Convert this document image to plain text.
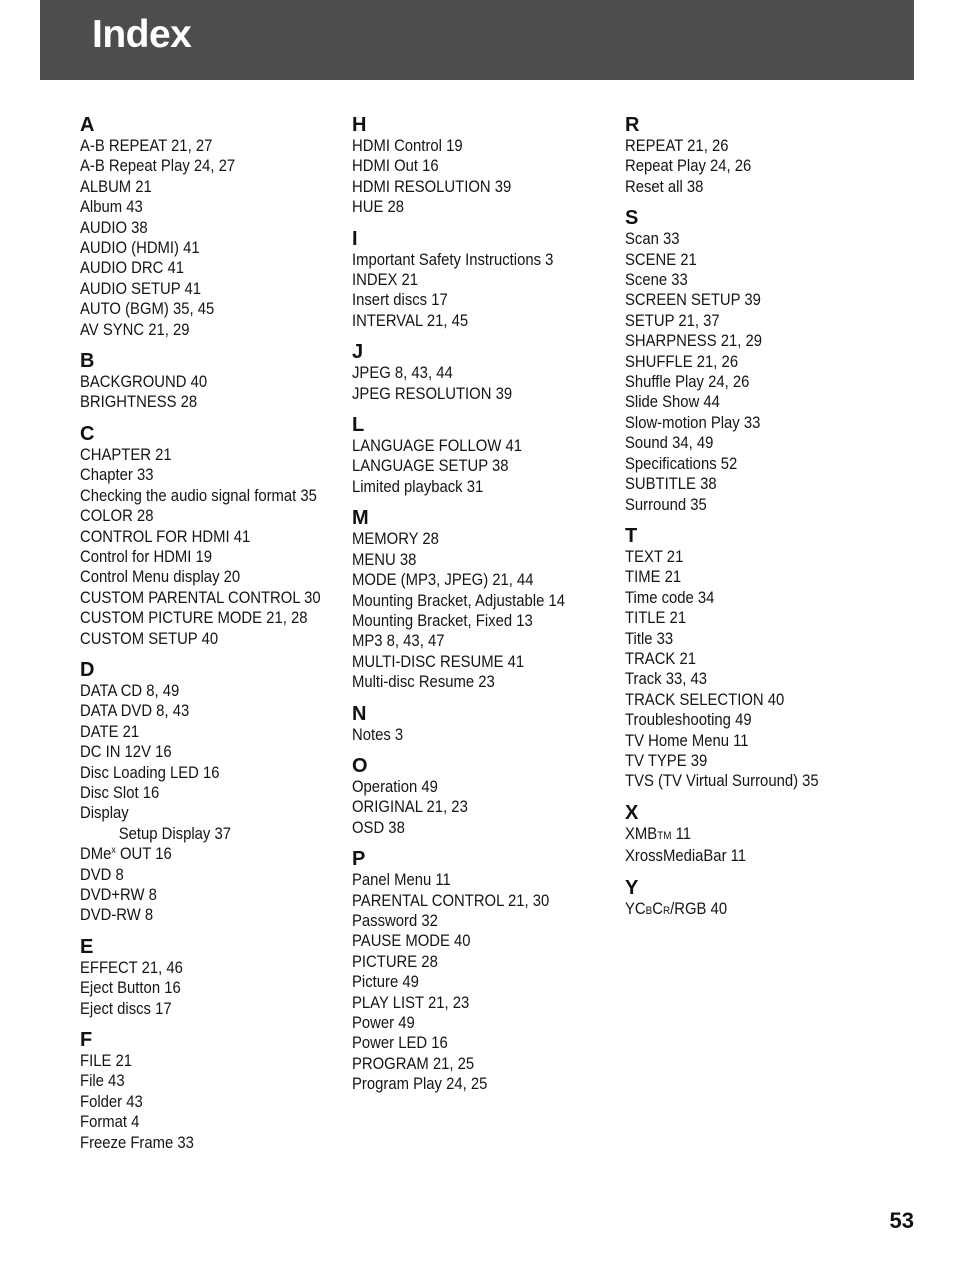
Index
A
A-B REPEAT 21, 27
A-B Repeat Play 24, 27
ALBUM 21
Album 43
AUDIO 38
AUDIO (HDMI) 41
AUDIO DRC 41
AUDIO SETUP 41
AUTO (BGM) 35, 45
AV SYNC 21, 29
B
BACKGROUND 40
BRIGHTNESS 28
C
CHAPTER 21
Chapter 33
Checking the audio signal format 35
COLOR 28
CONTROL FOR HDMI 41
Control for HDMI 19
Control Menu display 20
CUSTOM PARENTAL CONTROL 30
CUSTOM PICTURE MODE 21, 28
CUSTOM SETUP 40
D
DATA CD 8, 49
DATA DVD 8, 43
DATE 21
DC IN 12V 16
Disc Loading LED 16
Disc Slot 16
Display
Setup Display 37
DMe$^x$ OUT 16
DVD 8
DVD+RW 8
DVD-RW 8
E
EFFECT 21, 46
Eject Button 16
Eject discs 17
F
FILE 21
File 43
Folder 43
Format 4
Freeze Frame 33
H
HDMI Control 19
HDMI Out 16
HDMI RESOLUTION 39
HUE 28
I
Important Safety Instructions 3
INDEX 21
Insert discs 17
INTERVAL 21, 45
J
JPEG 8, 43, 44
JPEG RESOLUTION 39
L
LANGUAGE FOLLOW 41
LANGUAGE SETUP 38
Limited playback 31
M
MEMORY 28
MENU 38
MODE (MP3, JPEG) 21, 44
Mounting Bracket, Adjustable 14
Mounting Bracket, Fixed 13
MP3 8, 43, 47
MULTI-DISC RESUME 41
Multi-disc Resume 23
N
Notes 3
O
Operation 49
ORIGINAL 21, 23
OSD 38
P
Panel Menu 11
PARENTAL CONTROL 21, 30
Password 32
PAUSE MODE 40
PICTURE 28
Picture 49
PLAY LIST 21, 23
Power 49
Power LED 16
PROGRAM 21, 25
Program Play 24, 25
R
REPEAT 21, 26
Repeat Play 24, 26
Reset all 38
S
Scan 33
SCENE 21
Scene 33
SCREEN SETUP 39
SETUP 21, 37
SHARPNESS 21, 29
SHUFFLE 21, 26
Shuffle Play 24, 26
Slide Show 44
Slow-motion Play 33
Sound 34, 49
Specifications 52
SUBTITLE 38
Surround 35
T
TEXT 21
TIME 21
Time code 34
TITLE 21
Title 33
TRACK 21
Track 33, 43
TRACK SELECTION 40
Troubleshooting 49
TV Home Menu 11
TV TYPE 39
TVS (TV Virtual Surround) 35
X
XMBTM 11
XrossMediaBar 11
Y
YCBCR/RGB 40
53
